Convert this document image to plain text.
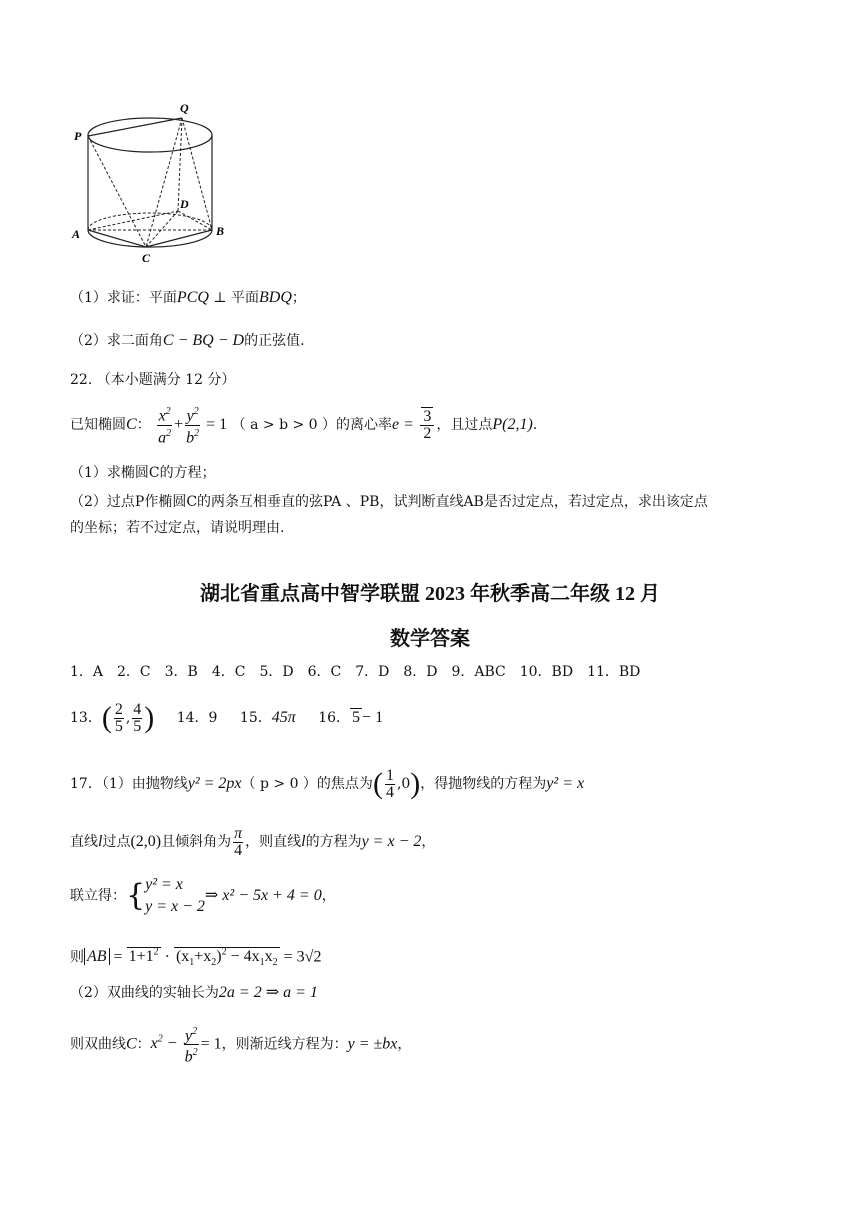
P
Q
A	B
C
D
（1）求证：平面PCQ ⊥ 平面BDQ；
（2）求二面角C − BQ − D的正弦值.
22. （本小题满分 12 分）
已知椭圆C： $\frac{x^2}{a^2} + \frac{y^2}{b^2} = 1$ （ a > b > 0 ）的离心率$e = \frac{3}{2}$ ，且过点P(2,1).
（1）求椭圆C的方程；
（2）过点P作椭圆C的两条互相垂直的弦PA 、PB，试判断直线AB是否过定点，若过定点，求出该定点
的坐标；若不过定点，请说明理由.
湖北省重点高中智学联盟 2023 年秋季高二年级 12 月
数学答案
1．A　2．C　3．B　4．C　5．D　6．C　7．D　8．D　9．ABC　10．BD　11．BD
13．( $\frac{2}{5}$ , $\frac{4}{5}$ ) 14．9 15．45π 16． 5 − 1
17．（1）由抛物线y² = 2px（ p > 0 ）的焦点为( $\frac{1}{4} ,0$)，得抛物线的方程为y² = x
直线l过点(2,0)且倾斜角为 $\frac{\pi}{4}$ ，则直线l的方程为y = x − 2，
联立得：{ y² = x
y = x − 2
⇒ x² − 5x + 4 = 0，
则 AB = $1+1^2 \cdot (x_1+x_2)^2 - 4x_1x_2 = 3√2$
（2）双曲线的实轴长为2a = 2 ⇒ a = 1
则双曲线C：$x^2 - \frac{y^2}{b^2} = 1$，则渐近线方程为：y = ±bx，
